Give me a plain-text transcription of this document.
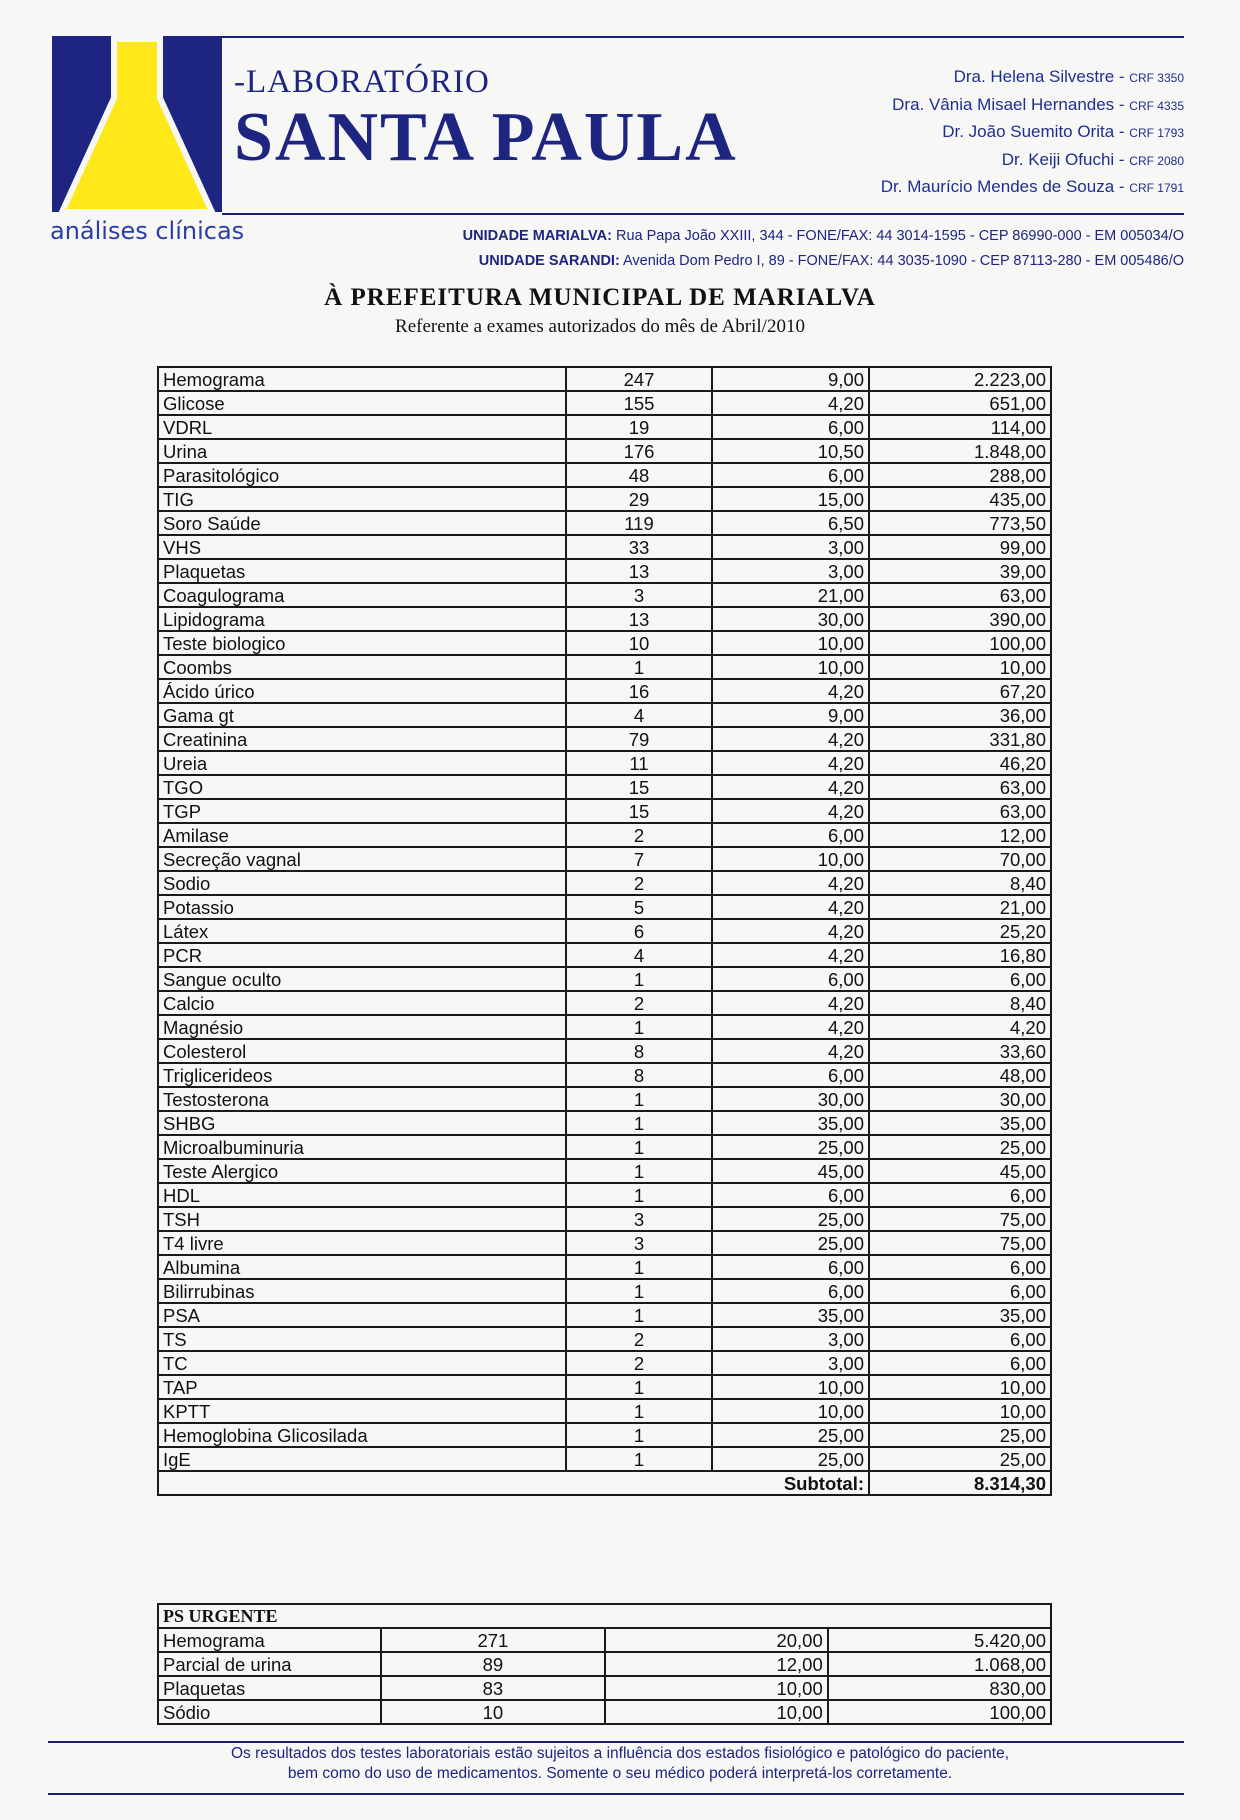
análises clínicas
-LABORATÓRIO
SANTA PAULA
Dra. Helena Silvestre - CRF 3350
Dra. Vânia Misael Hernandes - CRF 4335
Dr. João Suemito Orita - CRF 1793
Dr. Keiji Ofuchi - CRF 2080
Dr. Maurício Mendes de Souza - CRF 1791
UNIDADE MARIALVA: Rua Papa João XXIII, 344 - FONE/FAX: 44 3014-1595 - CEP 86990-000 - EM 005034/O
UNIDADE SARANDI: Avenida Dom Pedro I, 89 - FONE/FAX: 44 3035-1090 - CEP 87113-280 - EM 005486/O
À PREFEITURA MUNICIPAL DE MARIALVA
Referente a exames autorizados do mês de Abril/2010
Hemograma	247	9,00	2.223,00
Glicose	155	4,20	651,00
VDRL	19	6,00	114,00
Urina	176	10,50	1.848,00
Parasitológico	48	6,00	288,00
TIG	29	15,00	435,00
Soro Saúde	119	6,50	773,50
VHS	33	3,00	99,00
Plaquetas	13	3,00	39,00
Coagulograma	3	21,00	63,00
Lipidograma	13	30,00	390,00
Teste biologico	10	10,00	100,00
Coombs	1	10,00	10,00
Ácido úrico	16	4,20	67,20
Gama gt	4	9,00	36,00
Creatinina	79	4,20	331,80
Ureia	11	4,20	46,20
TGO	15	4,20	63,00
TGP	15	4,20	63,00
Amilase	2	6,00	12,00
Secreção vagnal	7	10,00	70,00
Sodio	2	4,20	8,40
Potassio	5	4,20	21,00
Látex	6	4,20	25,20
PCR	4	4,20	16,80
Sangue oculto	1	6,00	6,00
Calcio	2	4,20	8,40
Magnésio	1	4,20	4,20
Colesterol	8	4,20	33,60
Triglicerideos	8	6,00	48,00
Testosterona	1	30,00	30,00
SHBG	1	35,00	35,00
Microalbuminuria	1	25,00	25,00
Teste Alergico	1	45,00	45,00
HDL	1	6,00	6,00
TSH	3	25,00	75,00
T4 livre	3	25,00	75,00
Albumina	1	6,00	6,00
Bilirrubinas	1	6,00	6,00
PSA	1	35,00	35,00
TS	2	3,00	6,00
TC	2	3,00	6,00
TAP	1	10,00	10,00
KPTT	1	10,00	10,00
Hemoglobina Glicosilada	1	25,00	25,00
IgE	1	25,00	25,00
		Subtotal:	8.314,30
PS URGENTE			
Hemograma	271	20,00	5.420,00
Parcial de urina	89	12,00	1.068,00
Plaquetas	83	10,00	830,00
Sódio	10	10,00	100,00
Os resultados dos testes laboratoriais estão sujeitos a influência dos estados fisiológico e patológico do paciente,
bem como do uso de medicamentos. Somente o seu médico poderá interpretá-los corretamente.
